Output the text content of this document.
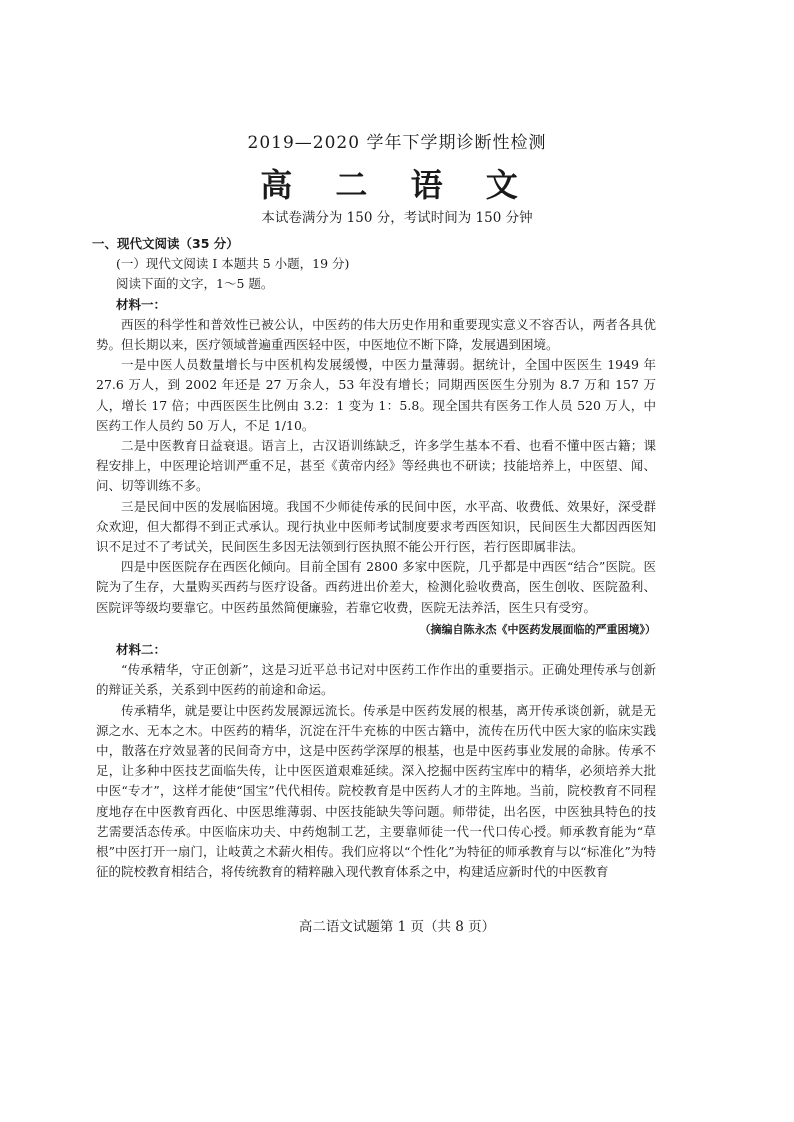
2019—2020 学年下学期诊断性检测
高 二 语 文
本试卷满分为 150 分，考试时间为 150 分钟

一、现代文阅读（35 分）

(一）现代文阅读 I 本题共 5 小题，19 分)

阅读下面的文字，1～5 题。

材料一：

西医的科学性和普效性已被公认，中医药的伟大历史作用和重要现实意义不容否认，两者各具优势。但长期以来，医疗领域普遍重西医轻中医，中医地位不断下降，发展遇到困境。

一是中医人员数量增长与中医机构发展缓慢，中医力量薄弱。据统计，全国中医医生 1949 年 27.6 万人，到 2002 年还是 27 万余人，53 年没有增长；同期西医医生分别为 8.7 万和 157 万人，增长 17 倍；中西医医生比例由 3.2：1 变为 1：5.8。现全国共有医务工作人员 520 万人，中医药工作人员约 50 万人，不足 1/10。

二是中医教育日益衰退。语言上，古汉语训练缺乏，许多学生基本不看、也看不懂中医古籍；课程安排上，中医理论培训严重不足，甚至《黄帝内经》等经典也不研读；技能培养上，中医望、闻、问、切等训练不多。

三是民间中医的发展临困境。我国不少师徒传承的民间中医，水平高、收费低、效果好，深受群众欢迎，但大都得不到正式承认。现行执业中医师考试制度要求考西医知识，民间医生大都因西医知识不足过不了考试关，民间医生多因无法领到行医执照不能公开行医，若行医即属非法。

四是中医医院存在西医化倾向。目前全国有 2800 多家中医院，几乎都是中西医“结合”医院。医院为了生存，大量购买西药与医疗设备。西药进出价差大，检测化验收费高，医生创收、医院盈利、医院评等级均要靠它。中医药虽然简便廉验，若靠它收费，医院无法养活，医生只有受穷。

（摘编自陈永杰《中医药发展面临的严重困境》）

材料二：

“传承精华，守正创新”，这是习近平总书记对中医药工作作出的重要指示。正确处理传承与创新的辩证关系，关系到中医药的前途和命运。

传承精华，就是要让中医药发展源远流长。传承是中医药发展的根基，离开传承谈创新，就是无源之水、无本之木。中医药的精华，沉淀在汗牛充栋的中医古籍中，流传在历代中医大家的临床实践中，散落在疗效显著的民间奇方中，这是中医药学深厚的根基，也是中医药事业发展的命脉。传承不足，让多种中医技艺面临失传，让中医医道艰难延续。深入挖掘中医药宝库中的精华，必须培养大批中医“专才”，这样才能使“国宝”代代相传。院校教育是中医药人才的主阵地。当前，院校教育不同程度地存在中医教育西化、中医思维薄弱、中医技能缺失等问题。师带徒，出名医，中医独具特色的技艺需要活态传承。中医临床功夫、中药炮制工艺，主要靠师徒一代一代口传心授。师承教育能为“草根”中医打开一扇门，让岐黄之术薪火相传。我们应将以“个性化”为特征的师承教育与以“标准化”为特征的院校教育相结合，将传统教育的精粹融入现代教育体系之中，构建适应新时代的中医教育

高二语文试题第 1 页（共 8 页）
